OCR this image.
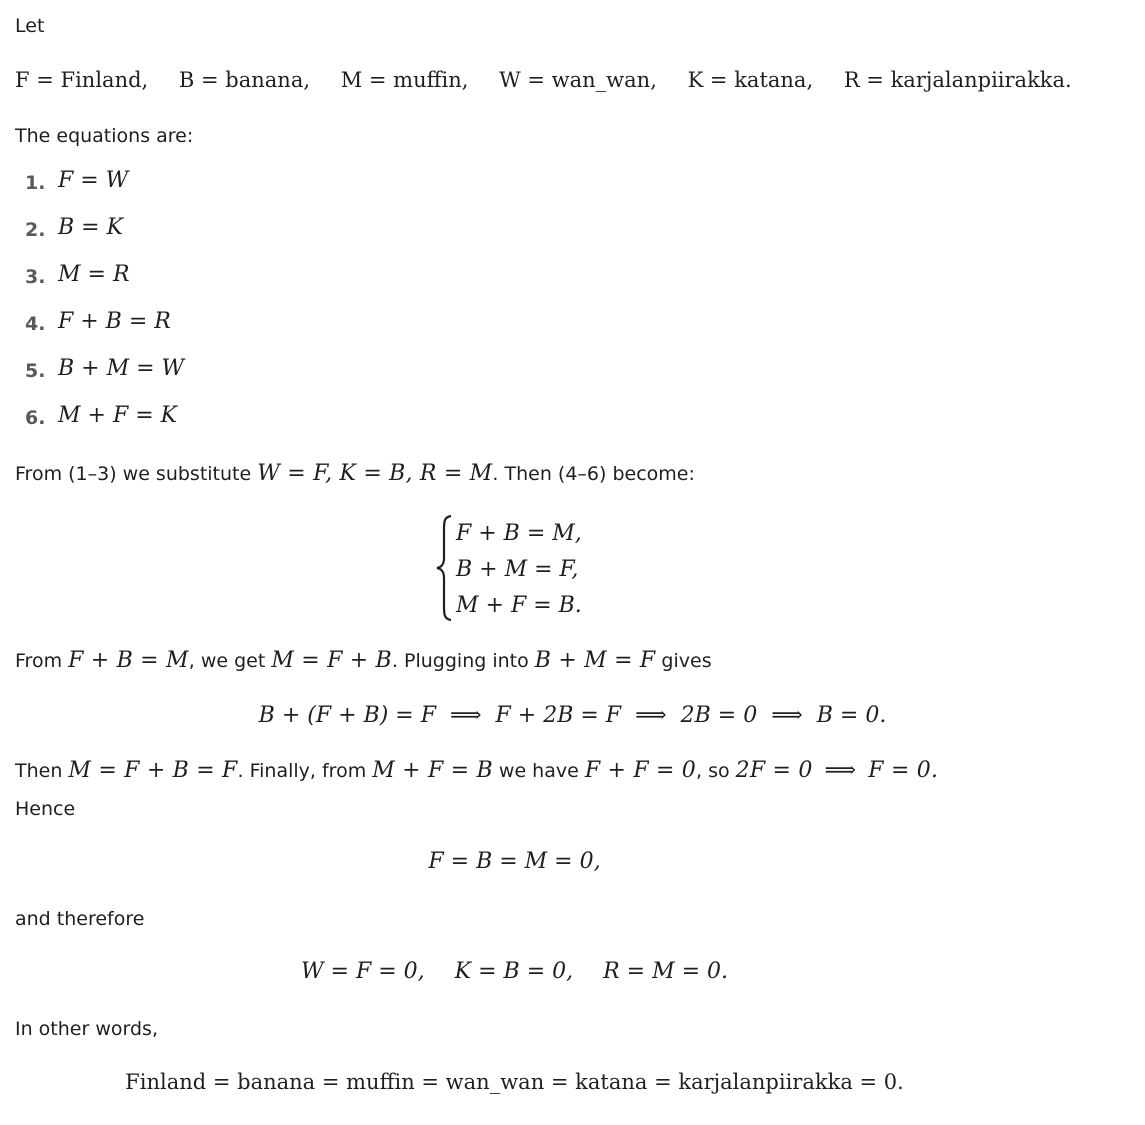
Let
F = Finland, B = banana, M = muffin, W = wan_wan, K = katana, R = karjalanpiirakka.
The equations are:
1. F = W
2. B = K
3. M = R
4. F + B = R
5. B + M = W
6. M + F = K
From (1–3) we substitute W = F, K = B, R = M. Then (4–6) become:
F + B = M,
B + M = F,
M + F = B.
From F + B = M, we get M = F + B. Plugging into B + M = F gives
B + (F + B) = F ⟹ F + 2B = F ⟹ 2B = 0 ⟹ B = 0.
Then M = F + B = F. Finally, from M + F = B we have F + F = 0, so 2F = 0 ⟹ F = 0.
Hence
F = B = M = 0,
and therefore
W = F = 0, K = B = 0, R = M = 0.
In other words,
Finland = banana = muffin = wan_wan = katana = karjalanpiirakka = 0.
